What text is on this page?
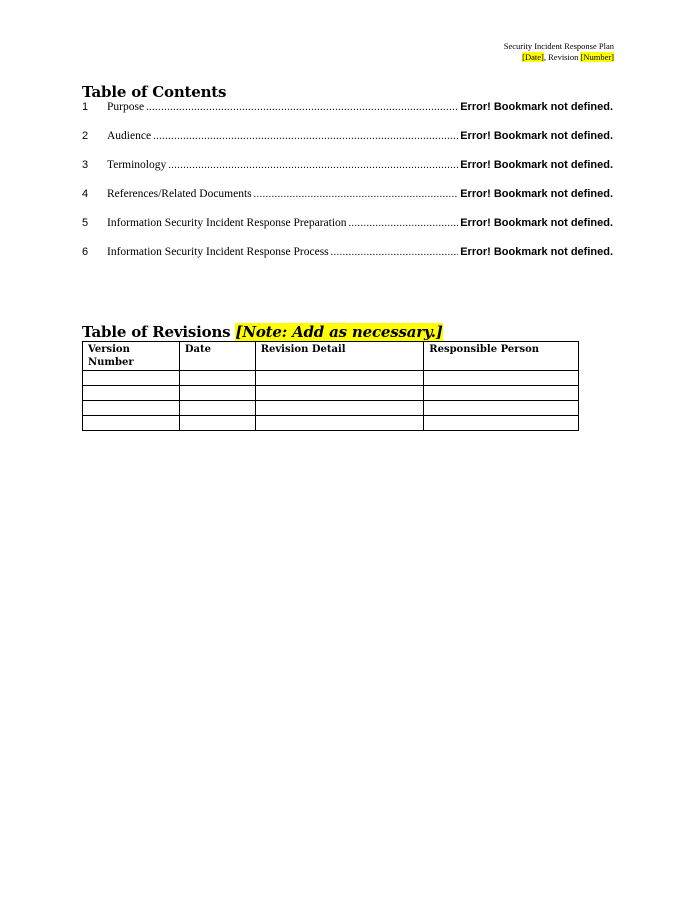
Security Incident Response Plan
[Date], Revision [Number]
Table of Contents
1	Purpose .....	Error! Bookmark not defined.
2	Audience .....	Error! Bookmark not defined.
3	Terminology .....	Error! Bookmark not defined.
4	References/Related Documents .....	Error! Bookmark not defined.
5	Information Security Incident Response Preparation .....	Error! Bookmark not defined.
6	Information Security Incident Response Process .....	Error! Bookmark not defined.
Table of Revisions [Note: Add as necessary.]
Version Number	Date	Revision Detail	Responsible Person
